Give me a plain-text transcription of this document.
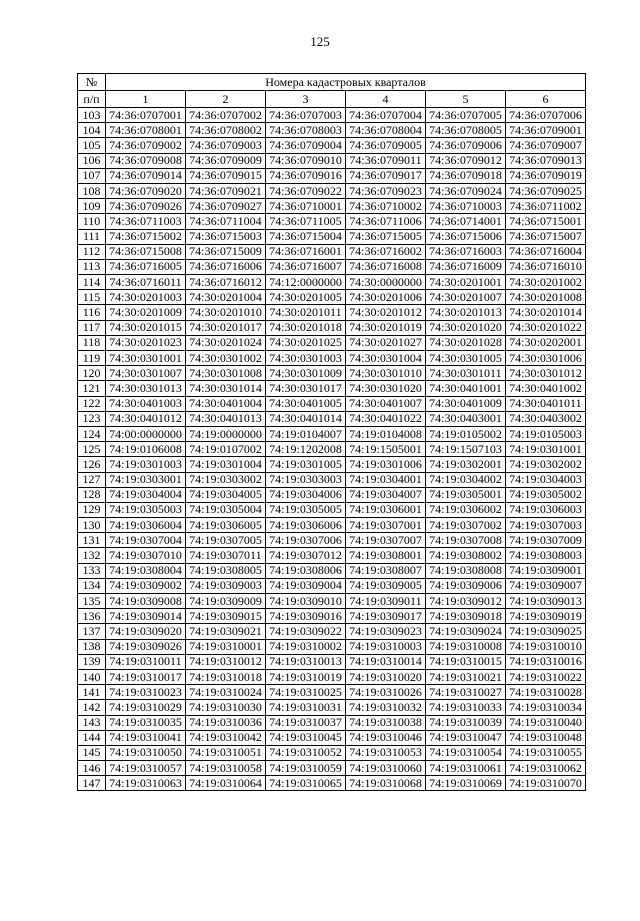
125
№	Номера кадастровых кварталов					
п/п	1	2	3	4	5	6
103	74:36:0707001	74:36:0707002	74:36:0707003	74:36:0707004	74:36:0707005	74:36:0707006
104	74:36:0708001	74:36:0708002	74:36:0708003	74:36:0708004	74:36:0708005	74:36:0709001
105	74:36:0709002	74:36:0709003	74:36:0709004	74:36:0709005	74:36:0709006	74:36:0709007
106	74:36:0709008	74:36:0709009	74:36:0709010	74:36:0709011	74:36:0709012	74:36:0709013
107	74:36:0709014	74:36:0709015	74:36:0709016	74:36:0709017	74:36:0709018	74:36:0709019
108	74:36:0709020	74:36:0709021	74:36:0709022	74:36:0709023	74:36:0709024	74:36:0709025
109	74:36:0709026	74:36:0709027	74:36:0710001	74:36:0710002	74:36:0710003	74:36:0711002
110	74:36:0711003	74:36:0711004	74:36:0711005	74:36:0711006	74:36:0714001	74:36:0715001
111	74:36:0715002	74:36:0715003	74:36:0715004	74:36:0715005	74:36:0715006	74:36:0715007
112	74:36:0715008	74:36:0715009	74:36:0716001	74:36:0716002	74:36:0716003	74:36:0716004
113	74:36:0716005	74:36:0716006	74:36:0716007	74:36:0716008	74:36:0716009	74:36:0716010
114	74:36:0716011	74:36:0716012	74:12:0000000	74:30:0000000	74:30:0201001	74:30:0201002
115	74:30:0201003	74:30:0201004	74:30:0201005	74:30:0201006	74:30:0201007	74:30:0201008
116	74:30:0201009	74:30:0201010	74:30:0201011	74:30:0201012	74:30:0201013	74:30:0201014
117	74:30:0201015	74:30:0201017	74:30:0201018	74:30:0201019	74:30:0201020	74:30:0201022
118	74:30:0201023	74:30:0201024	74:30:0201025	74:30:0201027	74:30:0201028	74:30:0202001
119	74:30:0301001	74:30:0301002	74:30:0301003	74:30:0301004	74:30:0301005	74:30:0301006
120	74:30:0301007	74:30:0301008	74:30:0301009	74:30:0301010	74:30:0301011	74:30:0301012
121	74:30:0301013	74:30:0301014	74:30:0301017	74:30:0301020	74:30:0401001	74:30:0401002
122	74:30:0401003	74:30:0401004	74:30:0401005	74:30:0401007	74:30:0401009	74:30:0401011
123	74:30:0401012	74:30:0401013	74:30:0401014	74:30:0401022	74:30:0403001	74:30:0403002
124	74:00:0000000	74:19:0000000	74:19:0104007	74:19:0104008	74:19:0105002	74:19:0105003
125	74:19:0106008	74:19:0107002	74:19:1202008	74:19:1505001	74:19:1507103	74:19:0301001
126	74:19:0301003	74:19:0301004	74:19:0301005	74:19:0301006	74:19:0302001	74:19:0302002
127	74:19:0303001	74:19:0303002	74:19:0303003	74:19:0304001	74:19:0304002	74:19:0304003
128	74:19:0304004	74:19:0304005	74:19:0304006	74:19:0304007	74:19:0305001	74:19:0305002
129	74:19:0305003	74:19:0305004	74:19:0305005	74:19:0306001	74:19:0306002	74:19:0306003
130	74:19:0306004	74:19:0306005	74:19:0306006	74:19:0307001	74:19:0307002	74:19:0307003
131	74:19:0307004	74:19:0307005	74:19:0307006	74:19:0307007	74:19:0307008	74:19:0307009
132	74:19:0307010	74:19:0307011	74:19:0307012	74:19:0308001	74:19:0308002	74:19:0308003
133	74:19:0308004	74:19:0308005	74:19:0308006	74:19:0308007	74:19:0308008	74:19:0309001
134	74:19:0309002	74:19:0309003	74:19:0309004	74:19:0309005	74:19:0309006	74:19:0309007
135	74:19:0309008	74:19:0309009	74:19:0309010	74:19:0309011	74:19:0309012	74:19:0309013
136	74:19:0309014	74:19:0309015	74:19:0309016	74:19:0309017	74:19:0309018	74:19:0309019
137	74:19:0309020	74:19:0309021	74:19:0309022	74:19:0309023	74:19:0309024	74:19:0309025
138	74:19:0309026	74:19:0310001	74:19:0310002	74:19:0310003	74:19:0310008	74:19:0310010
139	74:19:0310011	74:19:0310012	74:19:0310013	74:19:0310014	74:19:0310015	74:19:0310016
140	74:19:0310017	74:19:0310018	74:19:0310019	74:19:0310020	74:19:0310021	74:19:0310022
141	74:19:0310023	74:19:0310024	74:19:0310025	74:19:0310026	74:19:0310027	74:19:0310028
142	74:19:0310029	74:19:0310030	74:19:0310031	74:19:0310032	74:19:0310033	74:19:0310034
143	74:19:0310035	74:19:0310036	74:19:0310037	74:19:0310038	74:19:0310039	74:19:0310040
144	74:19:0310041	74:19:0310042	74:19:0310045	74:19:0310046	74:19:0310047	74:19:0310048
145	74:19:0310050	74:19:0310051	74:19:0310052	74:19:0310053	74:19:0310054	74:19:0310055
146	74:19:0310057	74:19:0310058	74:19:0310059	74:19:0310060	74:19:0310061	74:19:0310062
147	74:19:0310063	74:19:0310064	74:19:0310065	74:19:0310068	74:19:0310069	74:19:0310070
